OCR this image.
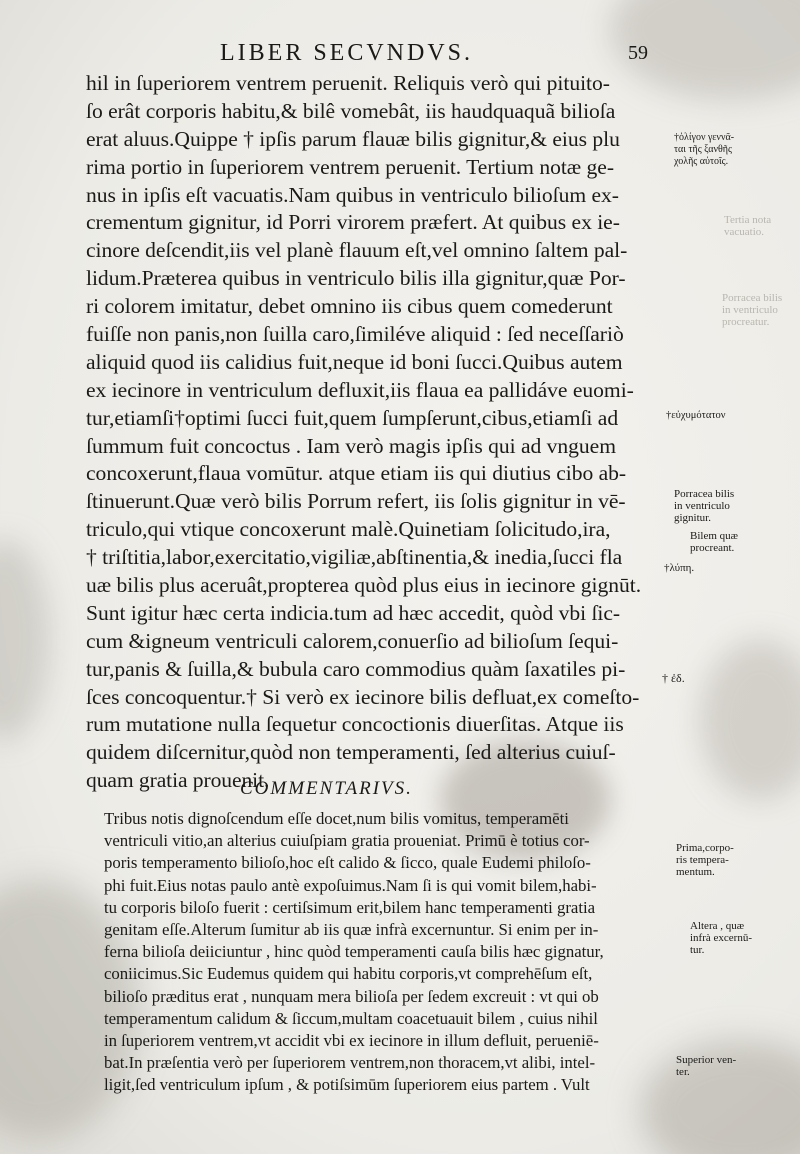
LIBER SECVNDVS.	59
hil in ſuperiorem ventrem peruenit. Reliquis verò qui pituito-
ſo erât corporis habitu,& bilê vomebât, iis haudquaquã bilioſa
erat aluus.Quippe † ipſis parum flauæ bilis gignitur,& eius plu
rima portio in ſuperiorem ventrem peruenit. Tertium notæ ge-
nus in ipſis eſt vacuatis.Nam quibus in ventriculo bilioſum ex-
crementum gignitur, id Porri virorem præfert. At quibus ex ie-
cinore deſcendit,iis vel planè flauum eſt,vel omnino ſaltem pal-
lidum.Præterea quibus in ventriculo bilis illa gignitur,quæ Por-
ri colorem imitatur, debet omnino iis cibus quem comederunt
fuiſſe non panis,non ſuilla caro,ſimiléve aliquid : ſed neceſſariò
aliquid quod iis calidius fuit,neque id boni ſucci.Quibus autem
ex iecinore in ventriculum defluxit,iis flaua ea pallidáve euomi-
tur,etiamſi†optimi ſucci fuit,quem ſumpſerunt,cibus,etiamſi ad
ſummum fuit concoctus . Iam verò magis ipſis qui ad vnguem
concoxerunt,flaua vomūtur. atque etiam iis qui diutius cibo ab-
ſtinuerunt.Quæ verò bilis Porrum refert, iis ſolis gignitur in vē-
triculo,qui vtique concoxerunt malè.Quinetiam ſolicitudo,ira,
† triſtitia,labor,exercitatio,vigiliæ,abſtinentia,& inedia,ſucci fla
uæ bilis plus aceruât,propterea quòd plus eius in iecinore gignūt.
Sunt igitur hæc certa indicia.tum ad hæc accedit, quòd vbi ſic-
cum &igneum ventriculi calorem,conuerſio ad bilioſum ſequi-
tur,panis & ſuilla,& bubula caro commodius quàm ſaxatiles pi-
ſces concoquentur.† Si verò ex iecinore bilis defluat,ex comeſto-
rum mutatione nulla ſequetur concoctionis diuerſitas. Atque iis
quidem diſcernitur,quòd non temperamenti, ſed alterius cuiuſ-
quam gratia prouenit.
COMMENTARIVS.
Tribus notis dignoſcendum eſſe docet,num bilis vomitus, temperamēti
ventriculi vitio,an alterius cuiuſpiam gratia proueniat. Primū è totius cor-
poris temperamento bilioſo,hoc eſt calido & ſicco, quale Eudemi philoſo-
phi fuit.Eius notas paulo antè expoſuimus.Nam ſi is qui vomit bilem,habi-
tu corporis biloſo fuerit : certiſsimum erit,bilem hanc temperamenti gratia
genitam eſſe.Alterum ſumitur ab iis quæ infrà excernuntur. Si enim per in-
ferna bilioſa deiiciuntur , hinc quòd temperamenti cauſa bilis hæc gignatur,
coniicimus.Sic Eudemus quidem qui habitu corporis,vt comprehēſum eſt,
bilioſo præditus erat , nunquam mera bilioſa per ſedem excreuit : vt qui ob
temperamentum calidum & ſiccum,multam coacetuauit bilem , cuius nihil
in ſuperiorem ventrem,vt accidit vbi ex iecinore in illum defluit, perueniē-
bat.In præſentia verò per ſuperiorem ventrem,non thoracem,vt alibi, intel-
ligit,ſed ventriculum ipſum , & potiſsimūm ſuperiorem eius partem . Vult
†ὀλίγον γεννᾶ-
ται τῆς ξανθῆς
χολῆς αὐτοῖς.
Tertia nota
vacuatio.
Porracea bilis
in ventriculo
procreatur.
†εὐχυμότατον
Porracea bilis
in ventriculo
gignitur.
Bilem quæ
procreant.
†λύπη.
† ἐδ.
Prima,corpo-
ris tempera-
mentum.
Altera , quæ
infrà excernū-
tur.
Superior ven-
ter.
